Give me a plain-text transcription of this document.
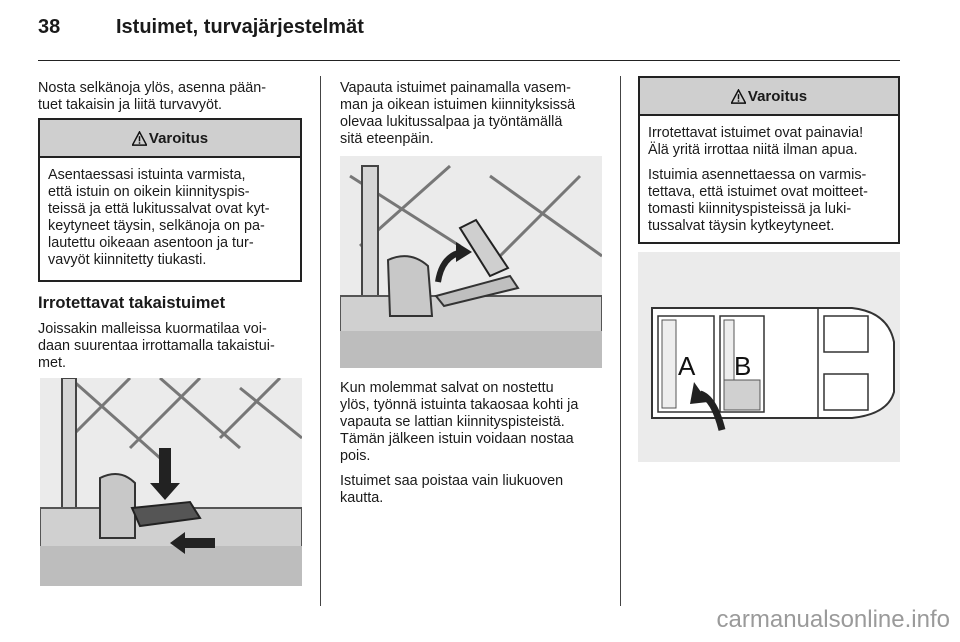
38	Istuimet, turvajärjestelmät

Nosta selkänoja ylös, asenna pään-
tuet takaisin ja liitä turvavyöt.

Varoitus

Asentaessasi istuinta varmista,
että istuin on oikein kiinnityspis-
teissä ja että lukitussalvat ovat kyt-
keytyneet täysin, selkänoja on pa-
lautettu oikeaan asentoon ja tur-
vavyöt kiinnitetty tiukasti.

Irrotettavat takaistuimet

Joissakin malleissa kuormatilaa voi-
daan suurentaa irrottamalla takaistui-
met.

Vapauta istuimet painamalla vasem-
man ja oikean istuimen kiinnityksissä
olevaa lukitussalpaa ja työntämällä
sitä eteenpäin.

Kun molemmat salvat on nostettu
ylös, työnnä istuinta takaosaa kohti ja
vapauta se lattian kiinnityspisteistä.
Tämän jälkeen istuin voidaan nostaa
pois.

Istuimet saa poistaa vain liukuoven
kautta.

Varoitus

Irrotettavat istuimet ovat painavia!
Älä yritä irrottaa niitä ilman apua.

Istuimia asennettaessa on varmis-
tettava, että istuimet ovat moitteet-
tomasti kiinnityspisteissä ja luki-
tussalvat täysin kytkeytyneet.

A B
carmanualsonline.info
